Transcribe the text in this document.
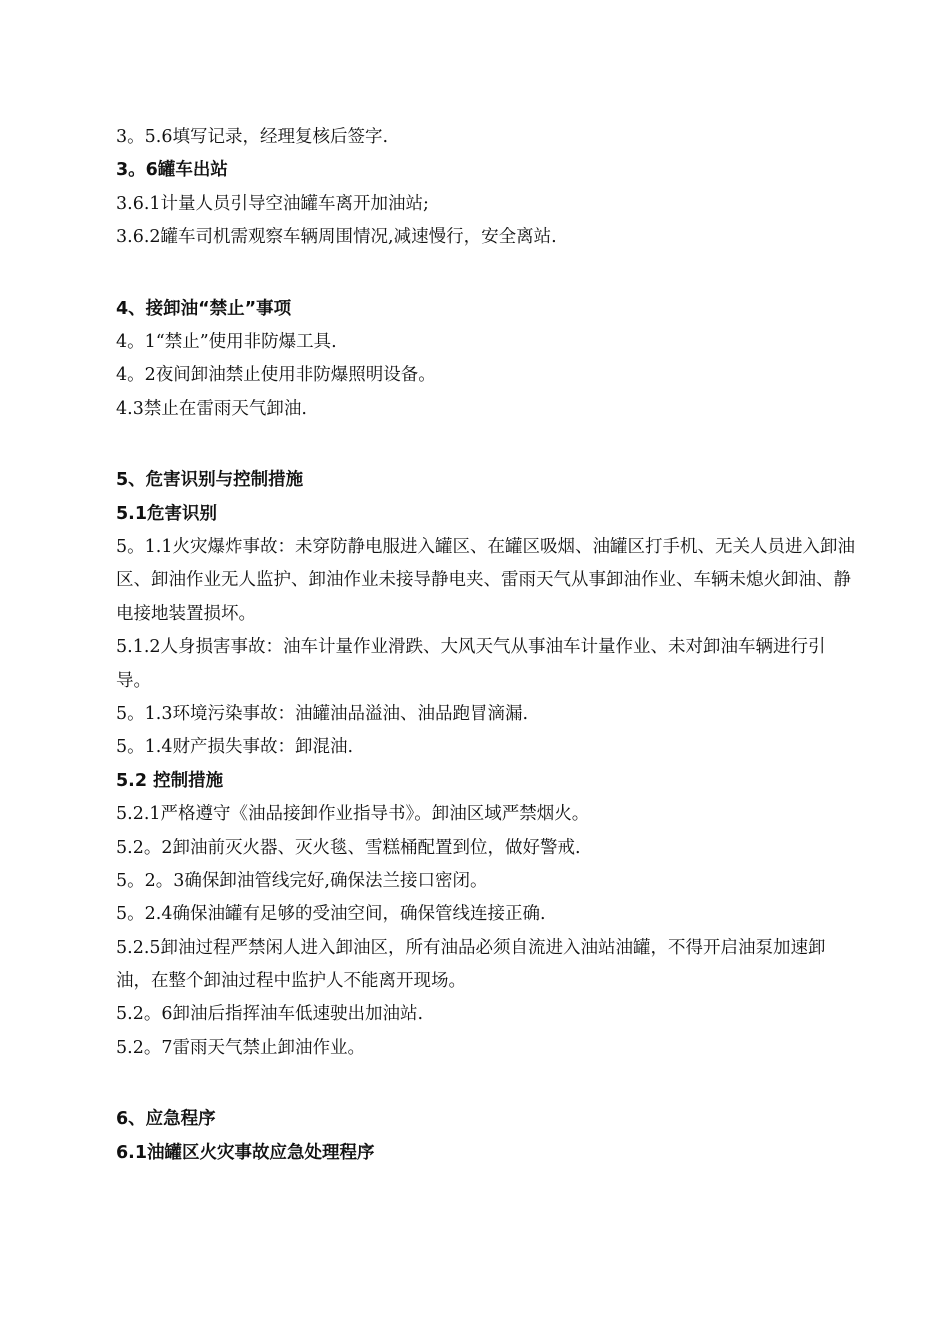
3。5.6填写记录，经理复核后签字.
3。6罐车出站
3.6.1计量人员引导空油罐车离开加油站;
3.6.2罐车司机需观察车辆周围情况,减速慢行，安全离站.
4、接卸油“禁止”事项
4。1“禁止”使用非防爆工具.
4。2夜间卸油禁止使用非防爆照明设备。
4.3禁止在雷雨天气卸油.
5、危害识别与控制措施
5.1危害识别
5。1.1火灾爆炸事故：未穿防静电服进入罐区、在罐区吸烟、油罐区打手机、无关人员进入卸油区、卸油作业无人监护、卸油作业未接导静电夹、雷雨天气从事卸油作业、车辆未熄火卸油、静电接地装置损坏。
5.1.2人身损害事故：油车计量作业滑跌、大风天气从事油车计量作业、未对卸油车辆进行引导。
5。1.3环境污染事故：油罐油品溢油、油品跑冒滴漏.
5。1.4财产损失事故：卸混油.
5.2 控制措施
5.2.1严格遵守《油品接卸作业指导书》。卸油区域严禁烟火。
5.2。2卸油前灭火器、灭火毯、雪糕桶配置到位，做好警戒.
5。2。3确保卸油管线完好,确保法兰接口密闭。
5。2.4确保油罐有足够的受油空间，确保管线连接正确.
5.2.5卸油过程严禁闲人进入卸油区，所有油品必须自流进入油站油罐，不得开启油泵加速卸油，在整个卸油过程中监护人不能离开现场。
5.2。6卸油后指挥油车低速驶出加油站.
5.2。7雷雨天气禁止卸油作业。
6、应急程序
6.1油罐区火灾事故应急处理程序
